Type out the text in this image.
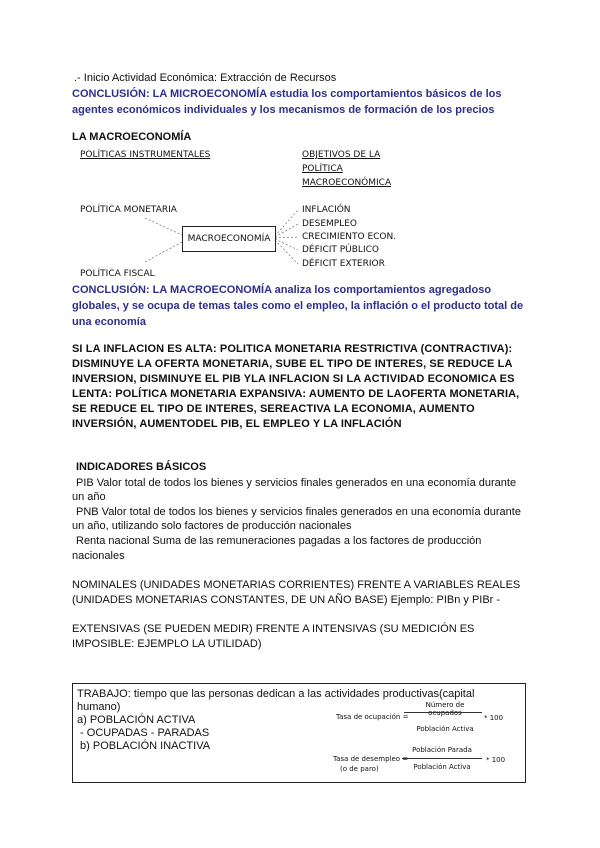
.- Inicio Actividad Económica: Extracción de Recursos
CONCLUSIÓN: LA MICROECONOMÍA estudia los comportamientos básicos de los
agentes económicos individuales y los mecanismos de formación de los precios
LA MACROECONOMÍA
POLÍTICAS INSTRUMENTALES	OBJETIVOS DE LA
POLÍTICA
MACROECONÓMICA
POLÍTICA MONETARIA
POLÍTICA FISCAL
MACROECONOMÍA
INFLACIÓN
DESEMPLEO
CRECIMIENTO ECON.
DÉFICIT PÚBLICO
DÉFICIT EXTERIOR
CONCLUSIÓN: LA MACROECONOMÍA analiza los comportamientos agregadoso
globales, y se ocupa de temas tales como el empleo, la inflación o el producto total de
una economía
SI LA INFLACION ES ALTA: POLITICA MONETARIA RESTRICTIVA (CONTRACTIVA):
DISMINUYE LA OFERTA MONETARIA, SUBE EL TIPO DE INTERES, SE REDUCE LA
INVERSION, DISMINUYE EL PIB YLA INFLACION SI LA ACTIVIDAD ECONOMICA ES
LENTA: POLÍTICA MONETARIA EXPANSIVA: AUMENTO DE LAOFERTA MONETARIA,
SE REDUCE EL TIPO DE INTERES, SEREACTIVA LA ECONOMIA, AUMENTO
INVERSIÓN, AUMENTODEL PIB, EL EMPLEO Y LA INFLACIÓN
INDICADORES BÁSICOS
PIB Valor total de todos los bienes y servicios finales generados en una economía durante
un año
PNB Valor total de todos los bienes y servicios finales generados en una economía durante
un año, utilizando solo factores de producción nacionales
Renta nacional Suma de las remuneraciones pagadas a los factores de producción
nacionales
NOMINALES (UNIDADES MONETARIAS CORRIENTES) FRENTE A VARIABLES REALES
(UNIDADES MONETARIAS CONSTANTES, DE UN AÑO BASE) Ejemplo: PIBn y PIBr -
EXTENSIVAS (SE PUEDEN MEDIR) FRENTE A INTENSIVAS (SU MEDICIÓN ES
IMPOSIBLE: EJEMPLO LA UTILIDAD)
TRABAJO: tiempo que las personas dedican a las actividades productivas(capital
humano)
a) POBLACIÓN ACTIVA
- OCUPADAS - PARADAS
b) POBLACIÓN INACTIVA
Tasa de ocupación =
Número de ocupados
Población Activa
* 100
Tasa de desempleo =
(o de paro)
Población Parada
Población Activa
* 100
